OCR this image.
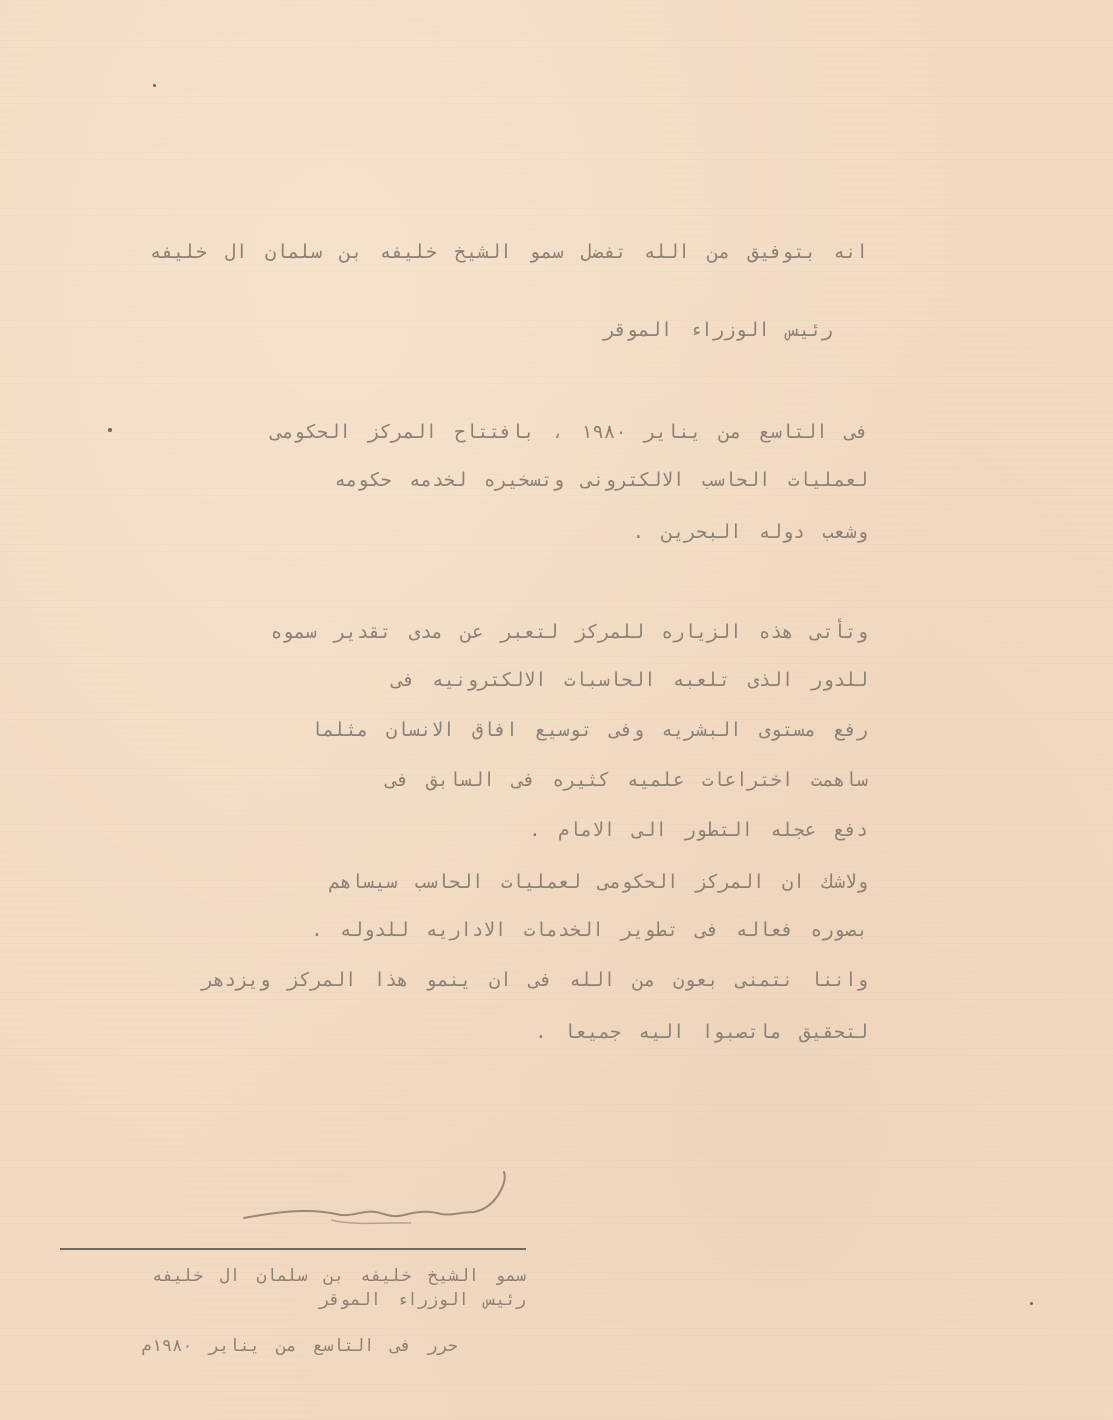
انه بتوفيق من الله تفضل سمو الشيخ خليفه بن سلمان ال خليفه
رئيس الوزراء الموقر
فى التاسع من يناير ١٩٨٠ ، بافتتاح المركز الحكومى
لعمليات الحاسب الالكترونى وتسخيره لخدمه حكومه
وشعب دوله البحرين .
وتأتى هذه الزياره للمركز لتعبر عن مدى تقدير سموه
للدور الذى تلعبه الحاسبات الالكترونيه فى
رفع مستوى البشريه وفى توسيع افاق الانسان مثلما
ساهمت اختراعات علميه كثيره فى السابق فى
دفع عجله التطور الى الامام .
ولاشك ان المركز الحكومى لعمليات الحاسب سيساهم
بصوره فعاله فى تطوير الخدمات الاداريه للدوله .
واننا نتمنى بعون من الله فى ان ينمو هذا المركز ويزدهر
لتحقيق ماتصبوا اليه جميعا .
سمو الشيخ خليفه بن سلمان ال خليفه
رئيس الوزراء الموقر
حرر فى التاسع من يناير ١٩٨٠م
